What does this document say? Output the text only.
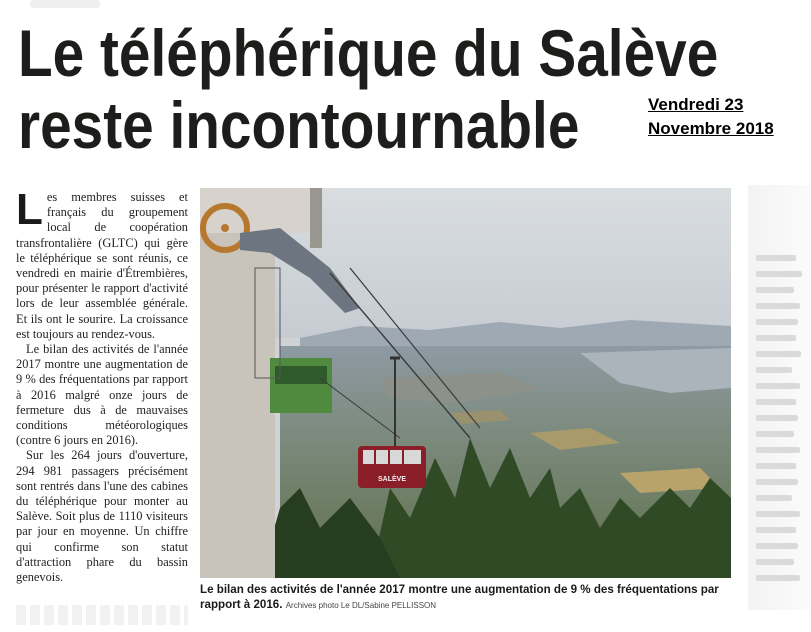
Le téléphérique du Salève
reste incontournable	Vendredi 23
Novembre 2018

Les membres suisses et français du groupement local de coopération transfrontalière (GLTC) qui gère le téléphérique se sont réunis, ce vendredi en mairie d'Étrembières, pour présenter le rapport d'activité lors de leur assemblée générale. Et ils ont le sourire. La croissance est toujours au rendez-vous.

Le bilan des activités de l'année 2017 montre une augmentation de 9 % des fréquentations par rapport à 2016 malgré onze jours de fermeture dus à de mauvaises conditions météorologiques (contre 6 jours en 2016).

Sur les 264 jours d'ouverture, 294 981 passagers précisément sont rentrés dans l'une des cabines du téléphérique pour monter au Salève. Soit plus de 1110 visiteurs par jour en moyenne. Un chiffre qui confirme son statut d'attraction phare du bassin genevois.

SALÈVE
Le bilan des activités de l'année 2017 montre une augmentation de 9 % des fréquentations par rapport à 2016. Archives photo Le DL/Sabine PELLISSON
